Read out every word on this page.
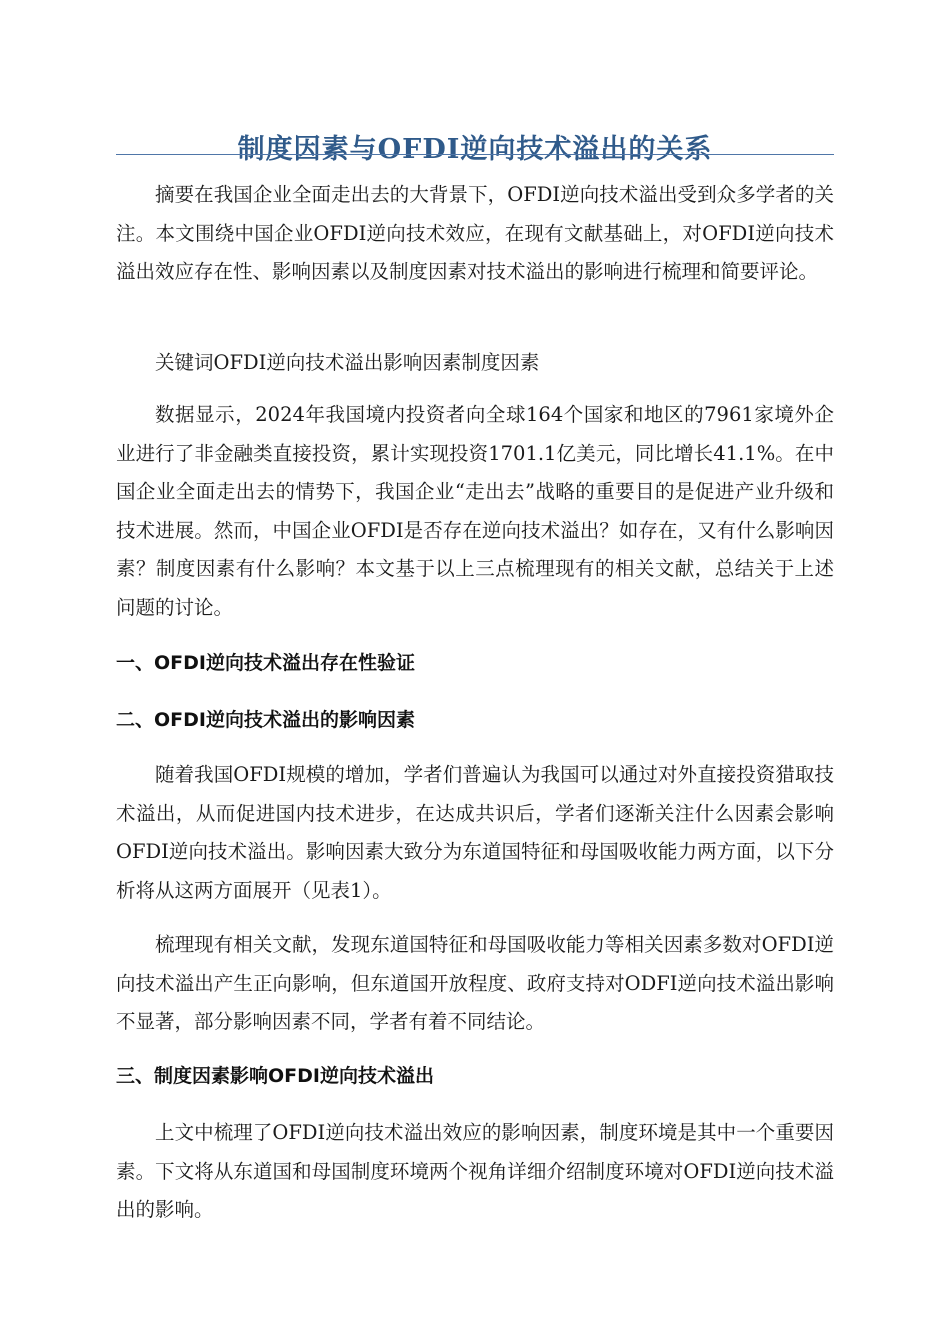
制度因素与OFDI逆向技术溢出的关系

摘要在我国企业全面走出去的大背景下，OFDI逆向技术溢出受到众多学者的关注。本文围绕中国企业OFDI逆向技术效应，在现有文献基础上，对OFDI逆向技术溢出效应存在性、影响因素以及制度因素对技术溢出的影响进行梳理和简要评论。

关键词OFDI逆向技术溢出影响因素制度因素

数据显示，2024年我国境内投资者向全球164个国家和地区的7961家境外企业进行了非金融类直接投资，累计实现投资1701.1亿美元，同比增长41.1%。在中国企业全面走出去的情势下，我国企业“走出去”战略的重要目的是促进产业升级和技术进展。然而，中国企业OFDI是否存在逆向技术溢出？如存在，又有什么影响因素？制度因素有什么影响？本文基于以上三点梳理现有的相关文献，总结关于上述问题的讨论。

一、OFDI逆向技术溢出存在性验证
二、OFDI逆向技术溢出的影响因素

随着我国OFDI规模的增加，学者们普遍认为我国可以通过对外直接投资猎取技术溢出，从而促进国内技术进步，在达成共识后，学者们逐渐关注什么因素会影响OFDI逆向技术溢出。影响因素大致分为东道国特征和母国吸收能力两方面，以下分析将从这两方面展开（见表1）。

梳理现有相关文献，发现东道国特征和母国吸收能力等相关因素多数对OFDI逆向技术溢出产生正向影响，但东道国开放程度、政府支持对ODFI逆向技术溢出影响不显著，部分影响因素不同，学者有着不同结论。

三、制度因素影响OFDI逆向技术溢出

上文中梳理了OFDI逆向技术溢出效应的影响因素，制度环境是其中一个重要因素。下文将从东道国和母国制度环境两个视角详细介绍制度环境对OFDI逆向技术溢出的影响。
